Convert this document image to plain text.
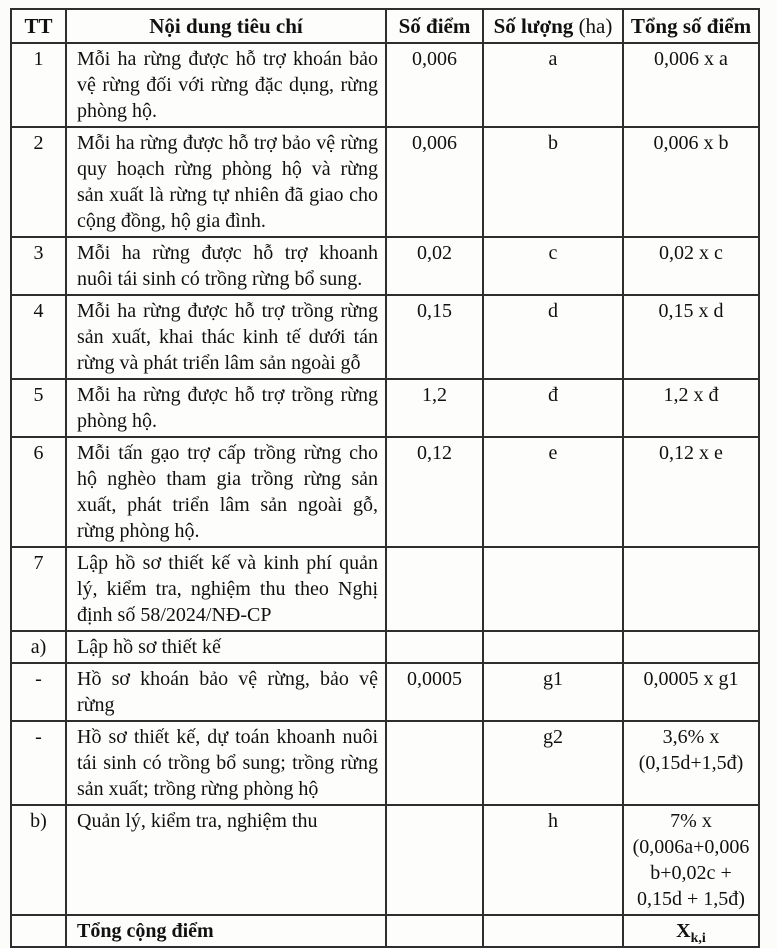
TT	Nội dung tiêu chí	Số điểm	Số lượng (ha)	Tổng số điểm
1	Mỗi ha rừng được hỗ trợ khoán bảo vệ rừng đối với rừng đặc dụng, rừng phòng hộ.	0,006	a	0,006 x a
2	Mỗi ha rừng được hỗ trợ bảo vệ rừng quy hoạch rừng phòng hộ và rừng sản xuất là rừng tự nhiên đã giao cho cộng đồng, hộ gia đình.	0,006	b	0,006 x b
3	Mỗi ha rừng được hỗ trợ khoanh nuôi tái sinh có trồng rừng bổ sung.	0,02	c	0,02 x c
4	Mỗi ha rừng được hỗ trợ trồng rừng sản xuất, khai thác kinh tế dưới tán rừng và phát triển lâm sản ngoài gỗ	0,15	d	0,15 x d
5	Mỗi ha rừng được hỗ trợ trồng rừng phòng hộ.	1,2	đ	1,2 x đ
6	Mỗi tấn gạo trợ cấp trồng rừng cho hộ nghèo tham gia trồng rừng sản xuất, phát triển lâm sản ngoài gỗ, rừng phòng hộ.	0,12	e	0,12 x e
7	Lập hồ sơ thiết kế và kinh phí quản lý, kiểm tra, nghiệm thu theo Nghị định số 58/2024/NĐ-CP			
a)	Lập hồ sơ thiết kế			
-	Hồ sơ khoán bảo vệ rừng, bảo vệ rừng	0,0005	g1	0,0005 x g1
-	Hồ sơ thiết kế, dự toán khoanh nuôi tái sinh có trồng bổ sung; trồng rừng sản xuất; trồng rừng phòng hộ		g2	3,6% x (0,15d+1,5đ)
b)	Quản lý, kiểm tra, nghiệm thu		h	7% x (0,006a+0,006 b+0,02c + 0,15d + 1,5đ)
	Tổng cộng điểm			$X_{k,i}$
